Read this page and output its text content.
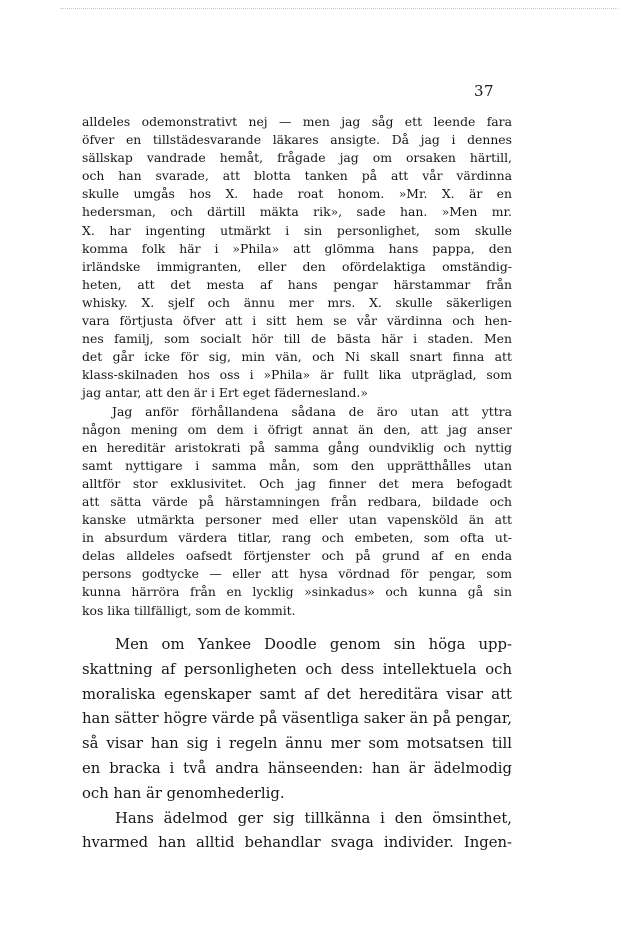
37
alldeles odemonstrativt nej — men jag såg ett leende fara
öfver en tillstädesvarande läkares ansigte. Då jag i dennes
sällskap vandrade hemåt, frågade jag om orsaken härtill,
och han svarade, att blotta tanken på att vår värdinna
skulle umgås hos X. hade roat honom. »Mr. X. är en
hedersman, och därtill mäkta rik», sade han. »Men mr.
X. har ingenting utmärkt i sin personlighet, som skulle
komma folk här i »Phila» att glömma hans pappa, den
irländske immigranten, eller den ofördelaktiga omständig-
heten, att det mesta af hans pengar härstammar från
whisky. X. sjelf och ännu mer mrs. X. skulle säkerligen
vara förtjusta öfver att i sitt hem se vår värdinna och hen-
nes familj, som socialt hör till de bästa här i staden. Men
det går icke för sig, min vän, och Ni skall snart finna att
klass-skilnaden hos oss i »Phila» är fullt lika utpräglad, som
jag antar, att den är i Ert eget fädernesland.»
Jag anför förhållandena sådana de äro utan att yttra
någon mening om dem i öfrigt annat än den, att jag anser
en hereditär aristokrati på samma gång oundviklig och nyttig
samt nyttigare i samma mån, som den upprätthålles utan
alltför stor exklusivitet. Och jag finner det mera befogadt
att sätta värde på härstamningen från redbara, bildade och
kanske utmärkta personer med eller utan vapensköld än att
in absurdum värdera titlar, rang och embeten, som ofta ut-
delas alldeles oafsedt förtjenster och på grund af en enda
persons godtycke — eller att hysa vördnad för pengar, som
kunna härröra från en lycklig »sinkadus» och kunna gå sin
kos lika tillfälligt, som de kommit.
Men om Yankee Doodle genom sin höga upp-
skattning af personligheten och dess intellektuela och
moraliska egenskaper samt af det hereditära visar att
han sätter högre värde på väsentliga saker än på pengar,
så visar han sig i regeln ännu mer som motsatsen till
en bracka i två andra hänseenden: han är ädelmodig
och han är genomhederlig.
Hans ädelmod ger sig tillkänna i den ömsinthet,
hvarmed han alltid behandlar svaga individer. Ingen-
